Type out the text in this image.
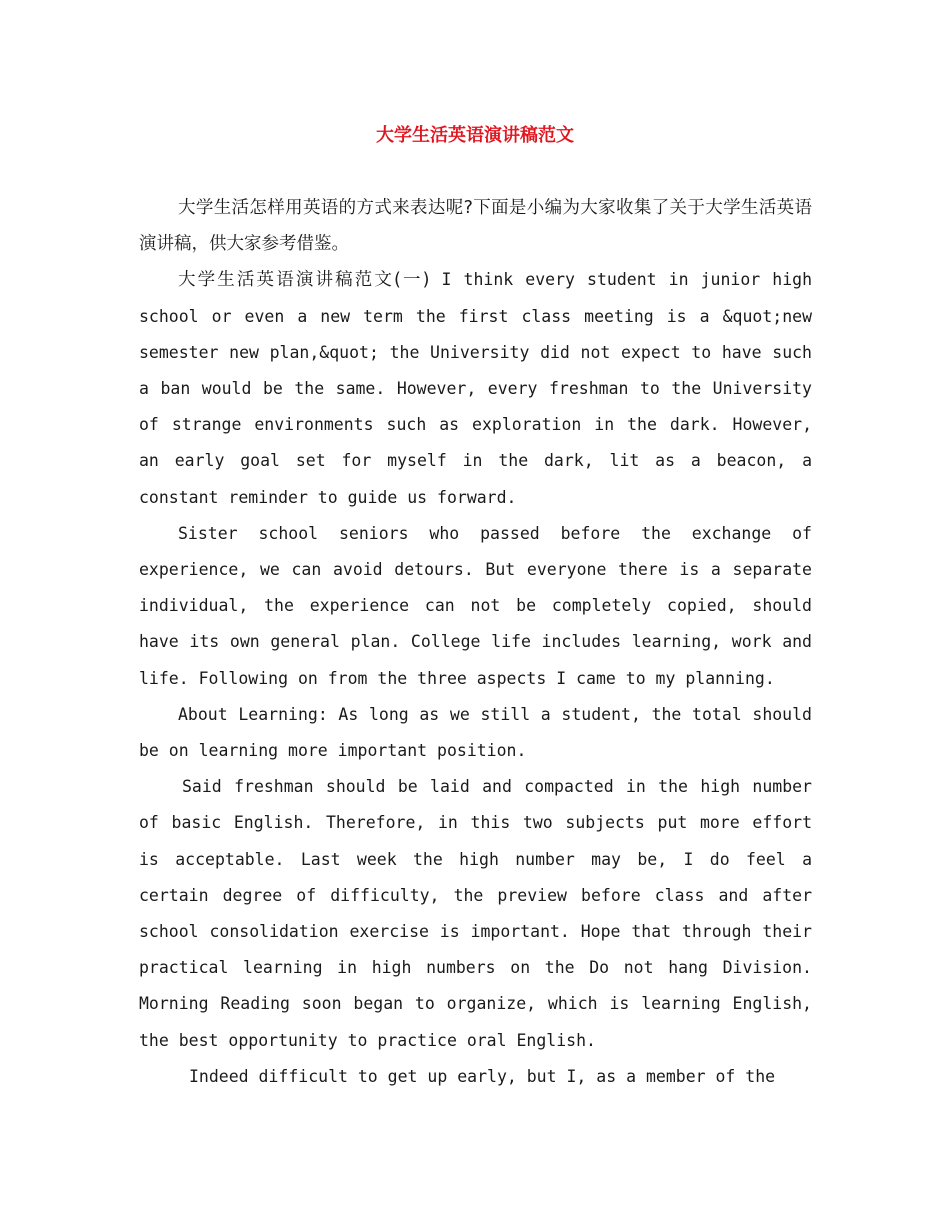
大学生活英语演讲稿范文

大学生活怎样用英语的方式来表达呢?下面是小编为大家收集了关于大学生活英语演讲稿，供大家参考借鉴。

大学生活英语演讲稿范文(一) I think every student in junior high school or even a new term the first class meeting is a &quot;new semester new plan,&quot; the University did not expect to have such a ban would be the same. However, every freshman to the University of strange environments such as exploration in the dark. However, an early goal set for myself in the dark, lit as a beacon, a constant reminder to guide us forward.

Sister school seniors who passed before the exchange of experience, we can avoid detours. But everyone there is a separate individual, the experience can not be completely copied, should have its own general plan. College life includes learning, work and life. Following on from the three aspects I came to my planning.

About Learning: As long as we still a student, the total should be on learning more important position.

Said freshman should be laid and compacted in the high number of basic English. Therefore, in this two subjects put more effort is acceptable. Last week the high number may be, I do feel a certain degree of difficulty, the preview before class and after school consolidation exercise is important. Hope that through their practical learning in high numbers on the Do not hang Division. Morning Reading soon began to organize, which is learning English, the best opportunity to practice oral English.

Indeed difficult to get up early, but I, as a member of the
